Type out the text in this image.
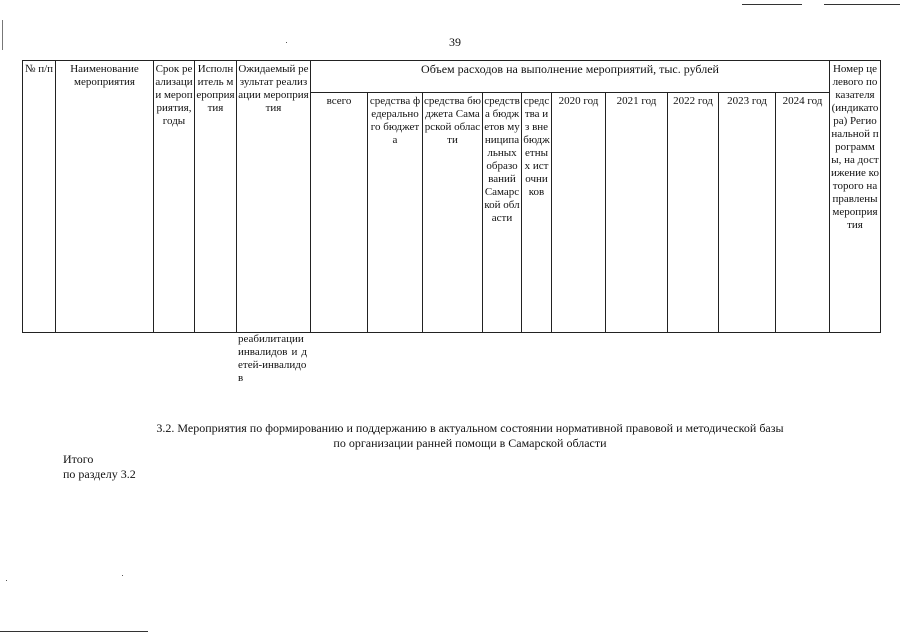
39
№ п/п	Наименование мероприятия	Срок реализации мероприятия, годы	Исполнитель мероприятия	Ожидаемый результат реализации мероприятия	Объем расходов на выполнение мероприятий, тыс. рублей										Номер целевого показателя (индикатора) Региональной программы, на достижение которого направлены мероприятия
					всего	средства федерального бюджета	средства бюджета Самарской области	средства бюджетов муниципальных образований Самарской области	средства из внебюджетных источников	2020 год	2021 год	2022 год	2023 год	2024 год	
реабилитации инвалидов и детей-инвалидов
3.2. Мероприятия по формированию и поддержанию в актуальном состоянии нормативной правовой и методической базы
по организации ранней помощи в Самарской области
Итого
по разделу 3.2
